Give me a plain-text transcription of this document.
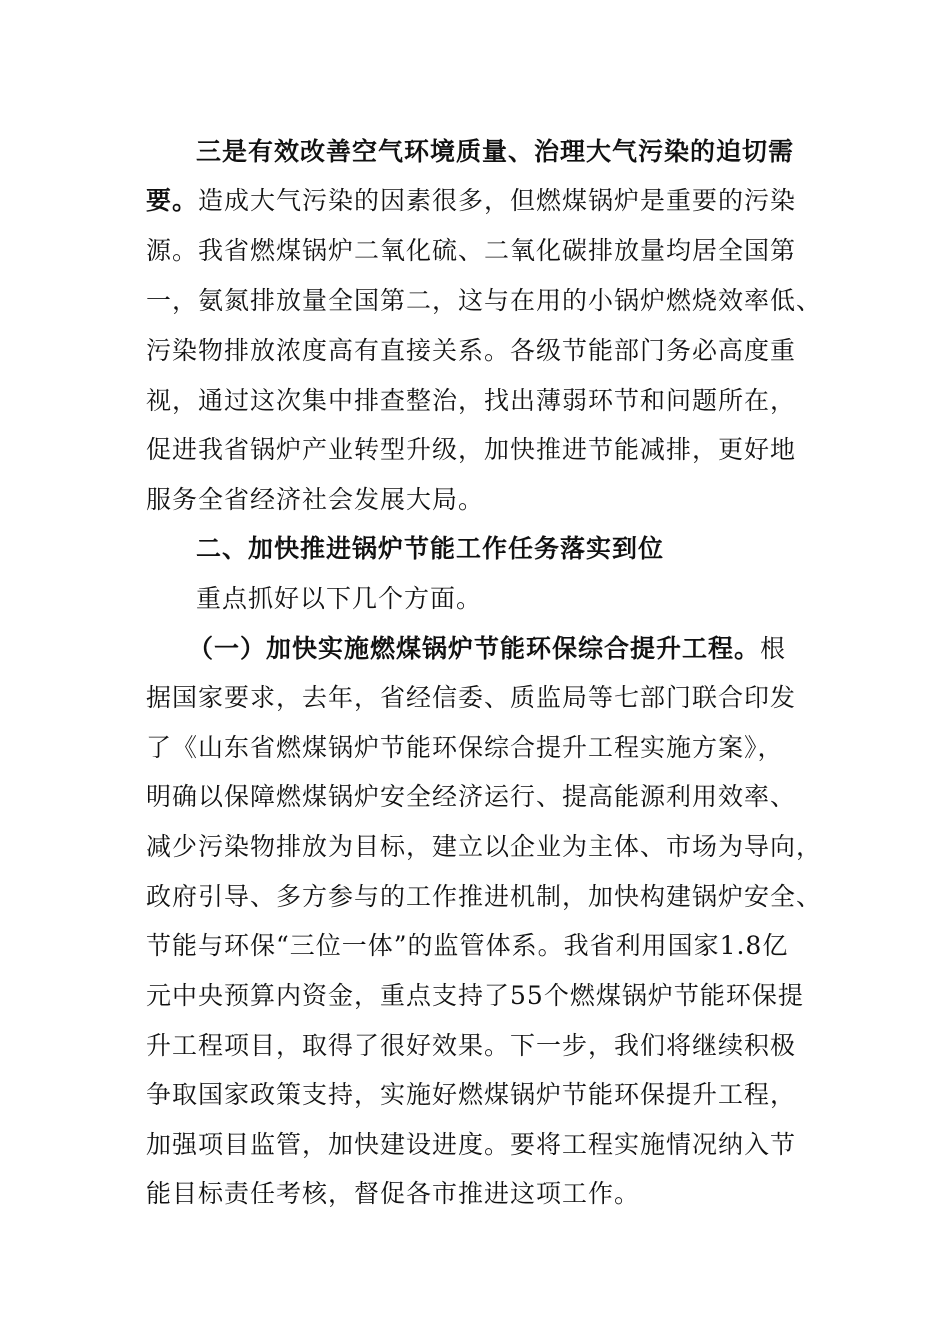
三是有效改善空气环境质量、治理大气污染的迫切需
要。造成大气污染的因素很多，但燃煤锅炉是重要的污染
源。我省燃煤锅炉二氧化硫、二氧化碳排放量均居全国第
一，氨氮排放量全国第二，这与在用的小锅炉燃烧效率低、
污染物排放浓度高有直接关系。各级节能部门务必高度重
视，通过这次集中排查整治，找出薄弱环节和问题所在，
促进我省锅炉产业转型升级，加快推进节能减排，更好地
服务全省经济社会发展大局。
二、加快推进锅炉节能工作任务落实到位
重点抓好以下几个方面。
（一）加快实施燃煤锅炉节能环保综合提升工程。根
据国家要求，去年，省经信委、质监局等七部门联合印发
了《山东省燃煤锅炉节能环保综合提升工程实施方案》，
明确以保障燃煤锅炉安全经济运行、提高能源利用效率、
减少污染物排放为目标，建立以企业为主体、市场为导向，
政府引导、多方参与的工作推进机制，加快构建锅炉安全、
节能与环保“三位一体”的监管体系。我省利用国家1.8亿
元中央预算内资金，重点支持了55个燃煤锅炉节能环保提
升工程项目，取得了很好效果。下一步，我们将继续积极
争取国家政策支持，实施好燃煤锅炉节能环保提升工程，
加强项目监管，加快建设进度。要将工程实施情况纳入节
能目标责任考核，督促各市推进这项工作。
